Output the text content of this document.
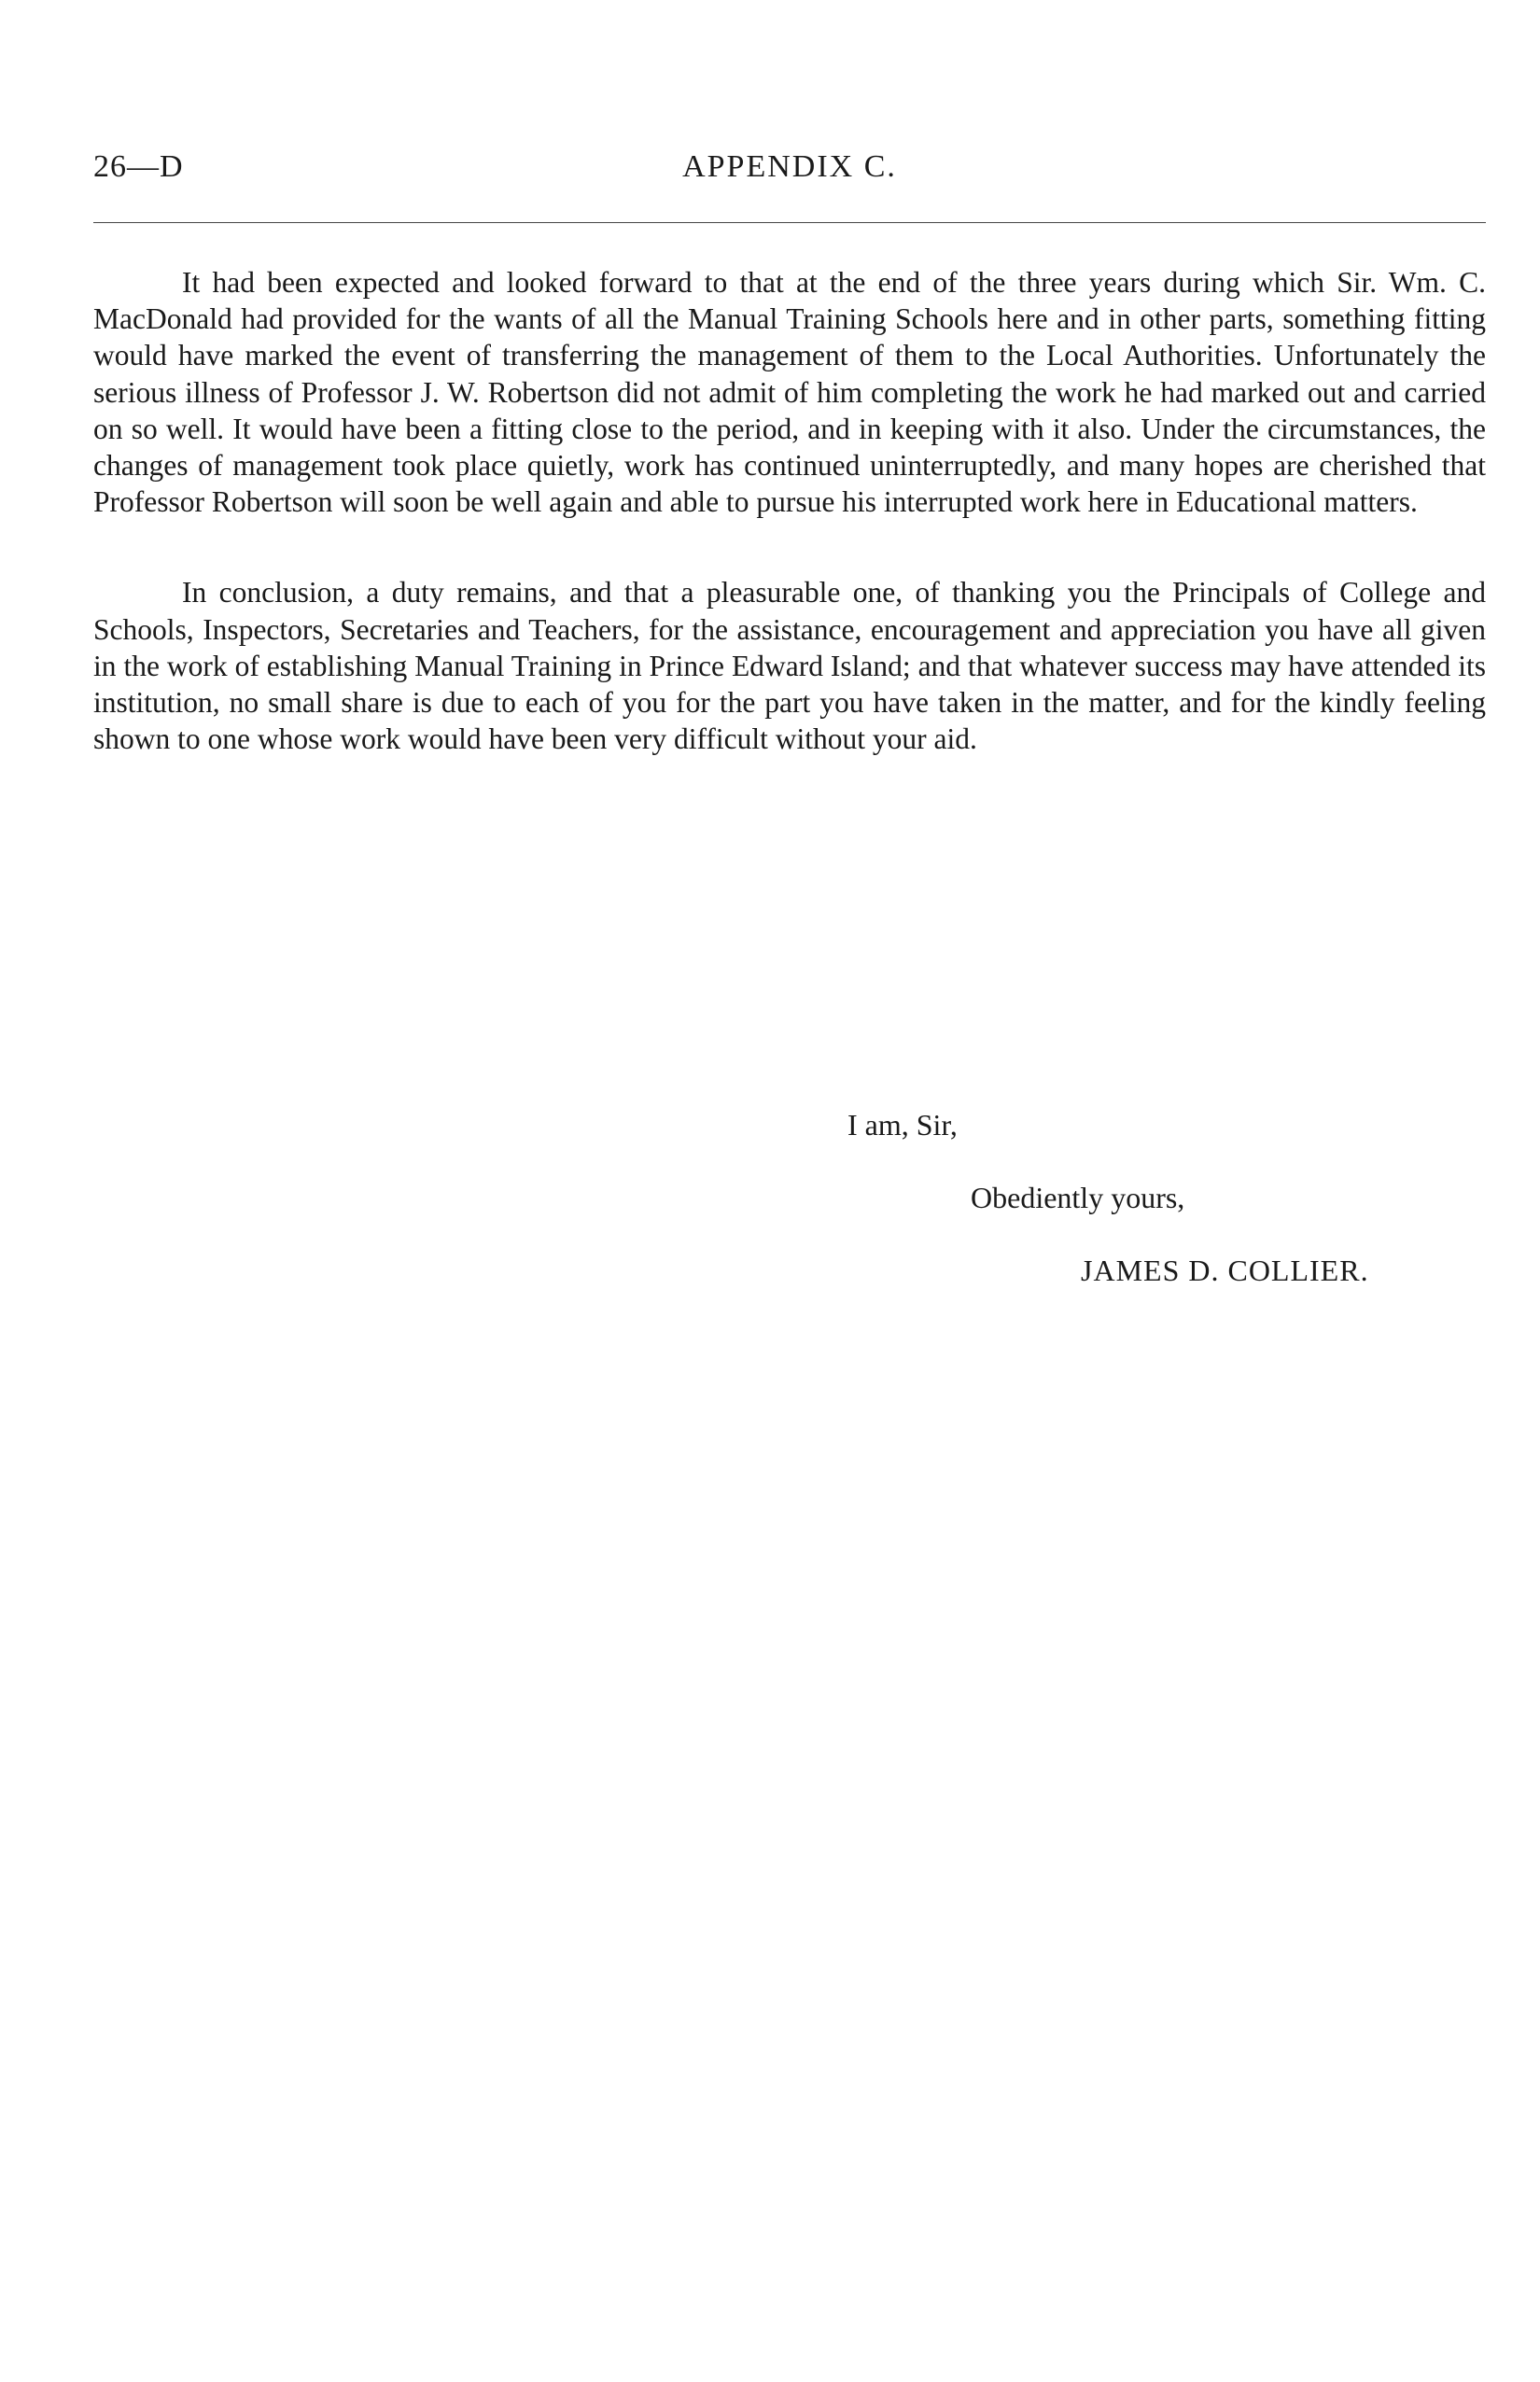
26—D	APPENDIX C.

It had been expected and looked forward to that at the end of the three years during which Sir. Wm. C. MacDonald had provided for the wants of all the Manual Training Schools here and in other parts, something fitting would have marked the event of transferring the management of them to the Local Authorities. Unfortunately the serious illness of Professor J. W. Robertson did not admit of him completing the work he had marked out and carried on so well. It would have been a fitting close to the period, and in keeping with it also. Under the circumstances, the changes of management took place quietly, work has continued uninterruptedly, and many hopes are cherished that Professor Robertson will soon be well again and able to pursue his interrupted work here in Educational matters.

In conclusion, a duty remains, and that a pleasurable one, of thanking you the Principals of College and Schools, Inspectors, Secretaries and Teachers, for the assistance, encouragement and appreciation you have all given in the work of establishing Manual Training in Prince Edward Island; and that whatever success may have attended its institution, no small share is due to each of you for the part you have taken in the matter, and for the kindly feeling shown to one whose work would have been very difficult without your aid.

I am, Sir,
Obediently yours,
JAMES D. COLLIER.
